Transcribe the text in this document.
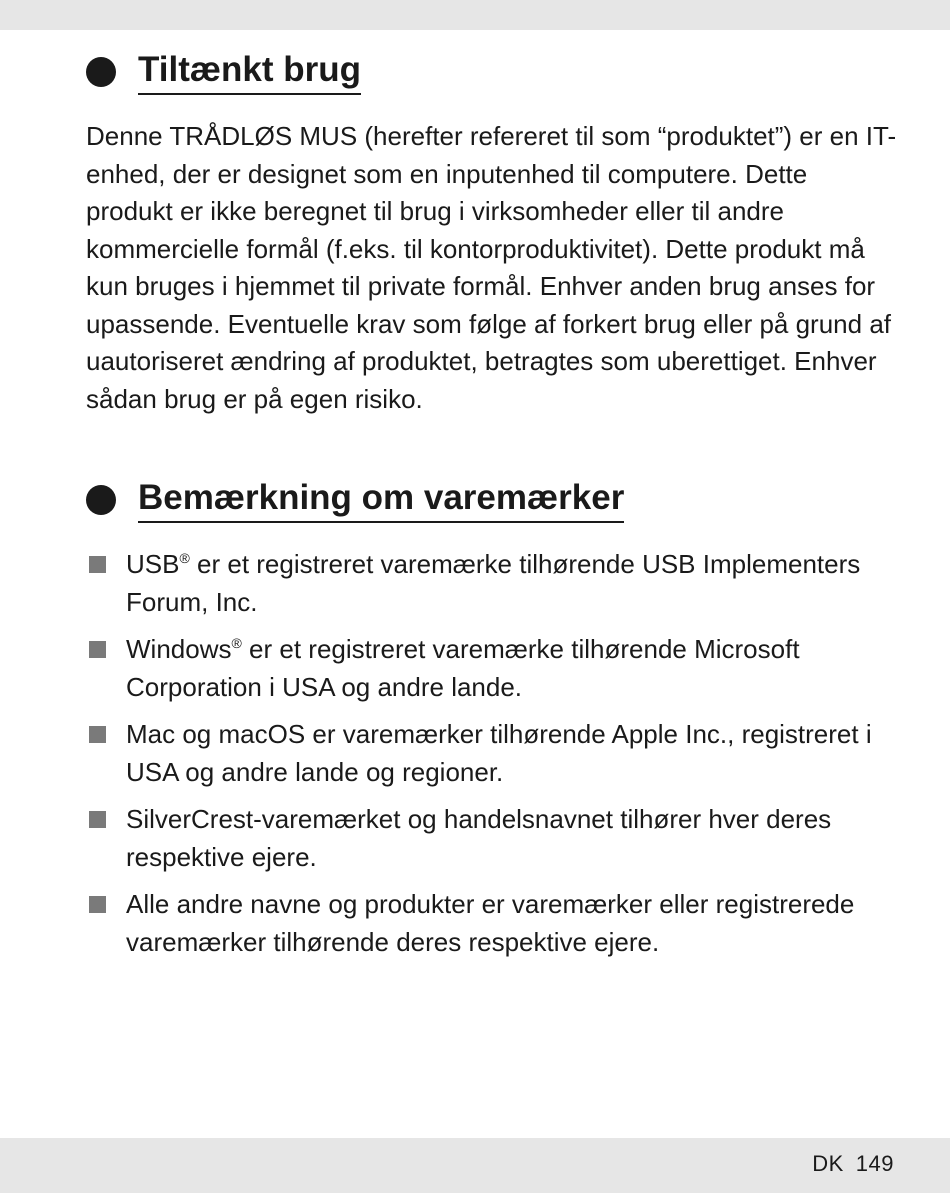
Tiltænkt brug

Denne TRÅDLØS MUS (herefter refereret til som “produktet”) er en IT-enhed, der er designet som en inputenhed til computere. Dette produkt er ikke beregnet til brug i virksomheder eller til andre kommercielle formål (f.eks. til kontorproduktivitet). Dette produkt må kun bruges i hjemmet til private formål. Enhver anden brug anses for upassende. Eventuelle krav som følge af forkert brug eller på grund af uautoriseret ændring af produktet, betragtes som uberettiget. Enhver sådan brug er på egen risiko.

Bemærkning om varemærker
USB® er et registreret varemærke tilhørende USB Implementers Forum, Inc.
Windows® er et registreret varemærke tilhørende Microsoft Corporation i USA og andre lande.
Mac og macOS er varemærker tilhørende Apple Inc., registreret i USA og andre lande og regioner.
SilverCrest-varemærket og handelsnavnet tilhører hver deres respektive ejere.
Alle andre navne og produkter er varemærker eller registrerede varemærker tilhørende deres respektive ejere.
DK 149
